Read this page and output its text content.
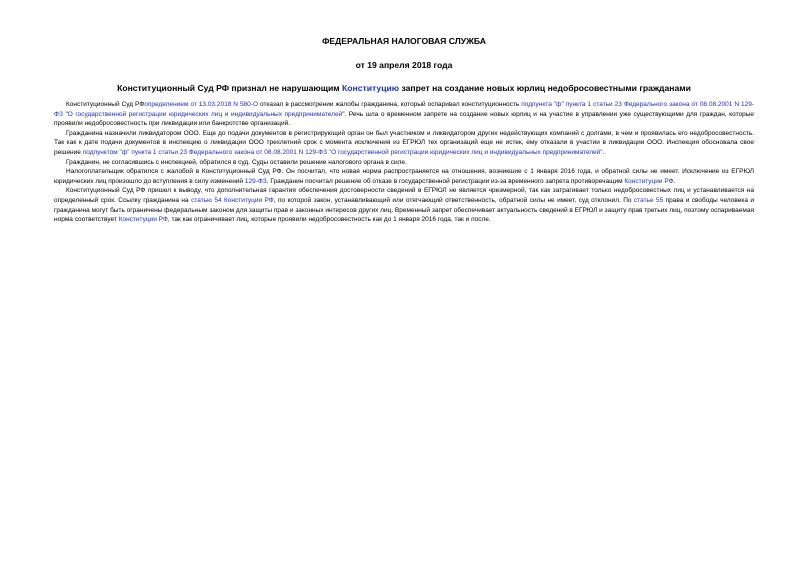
ФЕДЕРАЛЬНАЯ НАЛОГОВАЯ СЛУЖБА

от 19 апреля 2018 года

Конституционный Суд РФ признал не нарушающим Конституцию запрет на создание новых юрлиц недобросовестными гражданами

Конституционный Суд РФопределением от 13.03.2018 N 580-О отказал в рассмотрении жалобы гражданина, который оспаривал конституционность подпункта "ф" пункта 1 статьи 23 Федерального закона от 08.08.2001 N 129-ФЗ "О государственной регистрации юридических лиц и индивидуальных предпринимателей". Речь шла о временном запрете на создание новых юрлиц и на участие в управлении уже существующими для граждан, которые проявили недобросовестность при ликвидации или банкротстве организаций.

Гражданина назначили ликвидатором ООО. Еще до подачи документов в регистрирующий орган он был участником и ликвидатором других недействующих компаний с долгами, в чем и проявилась его недобросовестность. Так как к дате подачи документов в инспекцию о ликвидации ООО трехлетний срок с момента исключения из ЕГРЮЛ тех организаций еще не истек, ему отказали в участии в ликвидации ООО. Инспекция обосновала свое решение подпунктом "ф" пункта 1 статьи 23 Федерального закона от 08.08.2001 N 129-ФЗ "О государственной регистрации юридических лиц и индивидуальных предпринимателей".

Гражданин, не согласившись с инспекцией, обратился в суд. Суды оставили решение налогового органа в силе.

Налогоплательщик обратился с жалобой в Конституционный Суд РФ. Он посчитал, что новая норма распространяется на отношения, возникшие с 1 января 2016 года, и обратной силы не имеет. Исключение из ЕГРЮЛ юридических лиц произошло до вступления в силу изменений 129-ФЗ. Гражданин посчитал решение об отказе в государственной регистрации из-за временного запрета противоречащим Конституции РФ.

Конституционный Суд РФ пришел к выводу, что дополнительная гарантия обеспечения достоверности сведений в ЕГРЮЛ не является чрезмерной, так как затрагивает только недобросовестных лиц и устанавливается на определенный срок. Ссылку гражданина на статью 54 Конституции РФ, по которой закон, устанавливающий или отягчающий ответственность, обратной силы не имеет, суд отклонил. По статье 55 права и свободы человека и гражданина могут быть ограничены федеральным законом для защиты прав и законных интересов других лиц. Временный запрет обеспечивает актуальность сведений в ЕГРЮЛ и защиту прав третьих лиц, поэтому оспариваемая норма соответствует Конституции РФ, так как ограничивает лиц, которые проявили недобросовестность как до 1 января 2016 года, так и после.
